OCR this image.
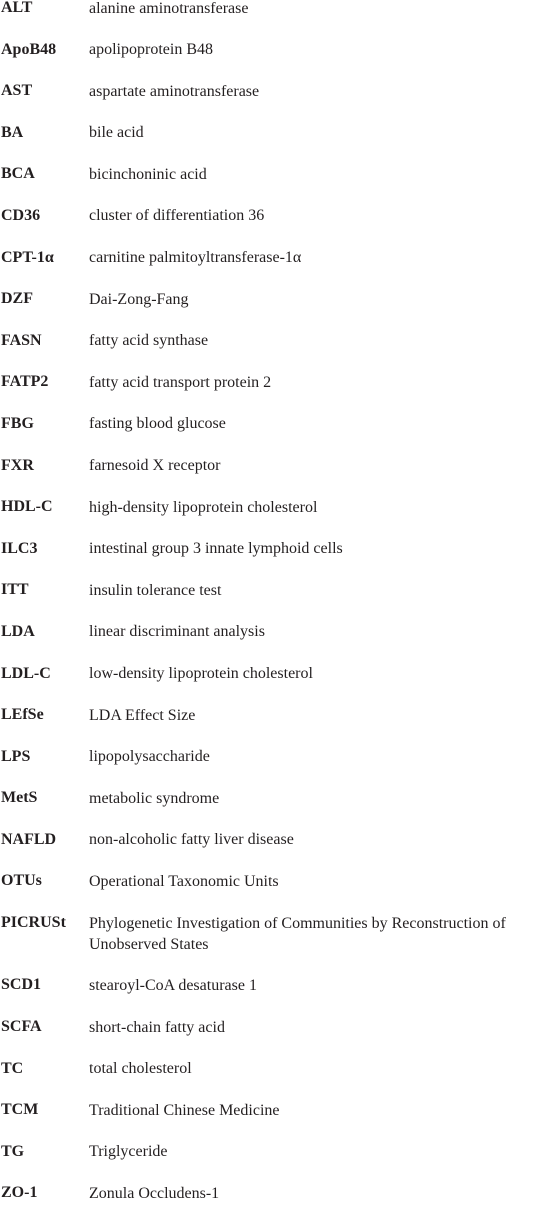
ALT	alanine aminotransferase
ApoB48 apolipoprotein B48
AST	aspartate aminotransferase
BA	bile acid
BCA	bicinchoninic acid
CD36	cluster of differentiation 36
CPT-1α carnitine palmitoyltransferase-1α
DZF	Dai-Zong-Fang
FASN	fatty acid synthase
FATP2	fatty acid transport protein 2
FBG	fasting blood glucose
FXR	farnesoid X receptor
HDL-C high-density lipoprotein cholesterol
ILC3	intestinal group 3 innate lymphoid cells
ITT	insulin tolerance test
LDA	linear discriminant analysis
LDL-C low-density lipoprotein cholesterol
LEfSe	LDA Effect Size
LPS	lipopolysaccharide
MetS	metabolic syndrome
NAFLD non-alcoholic fatty liver disease
OTUs	Operational Taxonomic Units
PICRUSt Phylogenetic Investigation of Communities by Reconstruction of Unobserved States
SCD1	stearoyl-CoA desaturase 1
SCFA	short-chain fatty acid
TC	total cholesterol
TCM	Traditional Chinese Medicine
TG	Triglyceride
ZO-1	Zonula Occludens-1
